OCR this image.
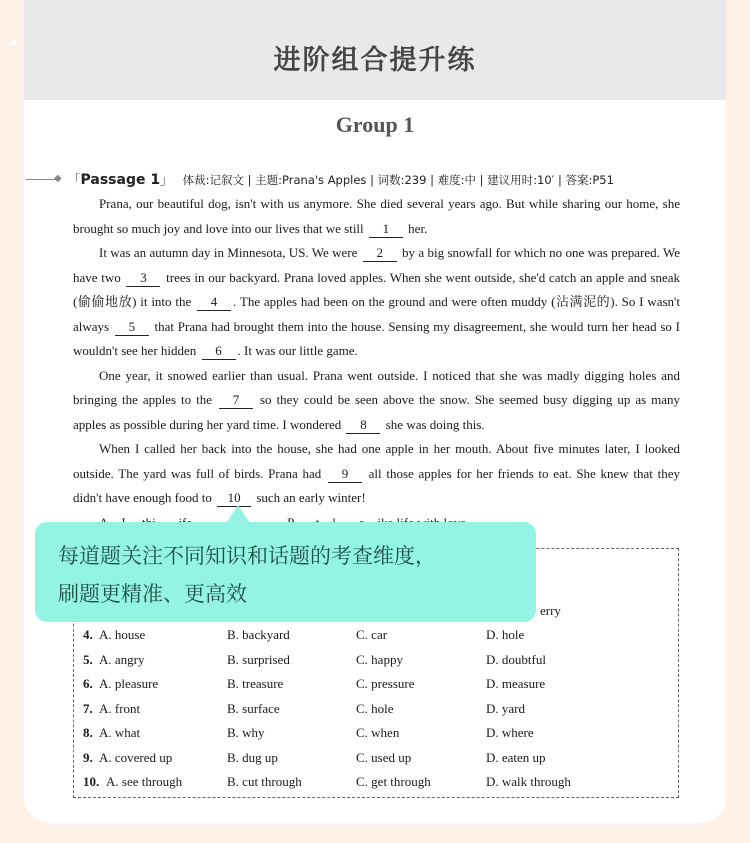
✦	进阶组合提升练
Group 1
◆ 「Passage 1」 体裁:记叙文 | 主题:Prana's Apples | 词数:239 | 难度:中 | 建议用时:10′ | 答案:P51

Prana, our beautiful dog, isn't with us anymore. She died several years ago. But while sharing our home, she brought so much joy and love into our lives that we still 1 her.

It was an autumn day in Minnesota, US. We were 2 by a big snowfall for which no one was prepared. We have two 3 trees in our backyard. Prana loved apples. When she went outside, she'd catch an apple and sneak (偷偷地放) it into the 4 . The apples had been on the ground and were often muddy (沾满泥的). So I wasn't always 5 that Prana had brought them into the house. Sensing my disagreement, she would turn her head so I wouldn't see her hidden 6 . It was our little game.

One year, it snowed earlier than usual. Prana went outside. I noticed that she was madly digging holes and bringing the apples to the 7 so they could be seen above the snow. She seemed busy digging up as many apples as possible during her yard time. I wondered 8 she was doing this.

When I called her back into the house, she had one apple in her mouth. About five minutes later, I looked outside. The yard was full of birds. Prana had 9 all those apples for her friends to eat. She knew that they didn't have enough food to 10 such an early winter!

erry
4. A. house	B. backyard	C. car	D. hole
5. A. angry	B. surprised	C. happy	D. doubtful
6. A. pleasure	B. treasure	C. pressure	D. measure
7. A. front	B. surface	C. hole	D. yard
8. A. what	B. why	C. when	D. where
9. A. covered up	B. dug up	C. used up	D. eaten up
10. A. see through	B. cut through	C. get through	D. walk through
每道题关注不同知识和话题的考查维度，
刷题更精准、更高效
